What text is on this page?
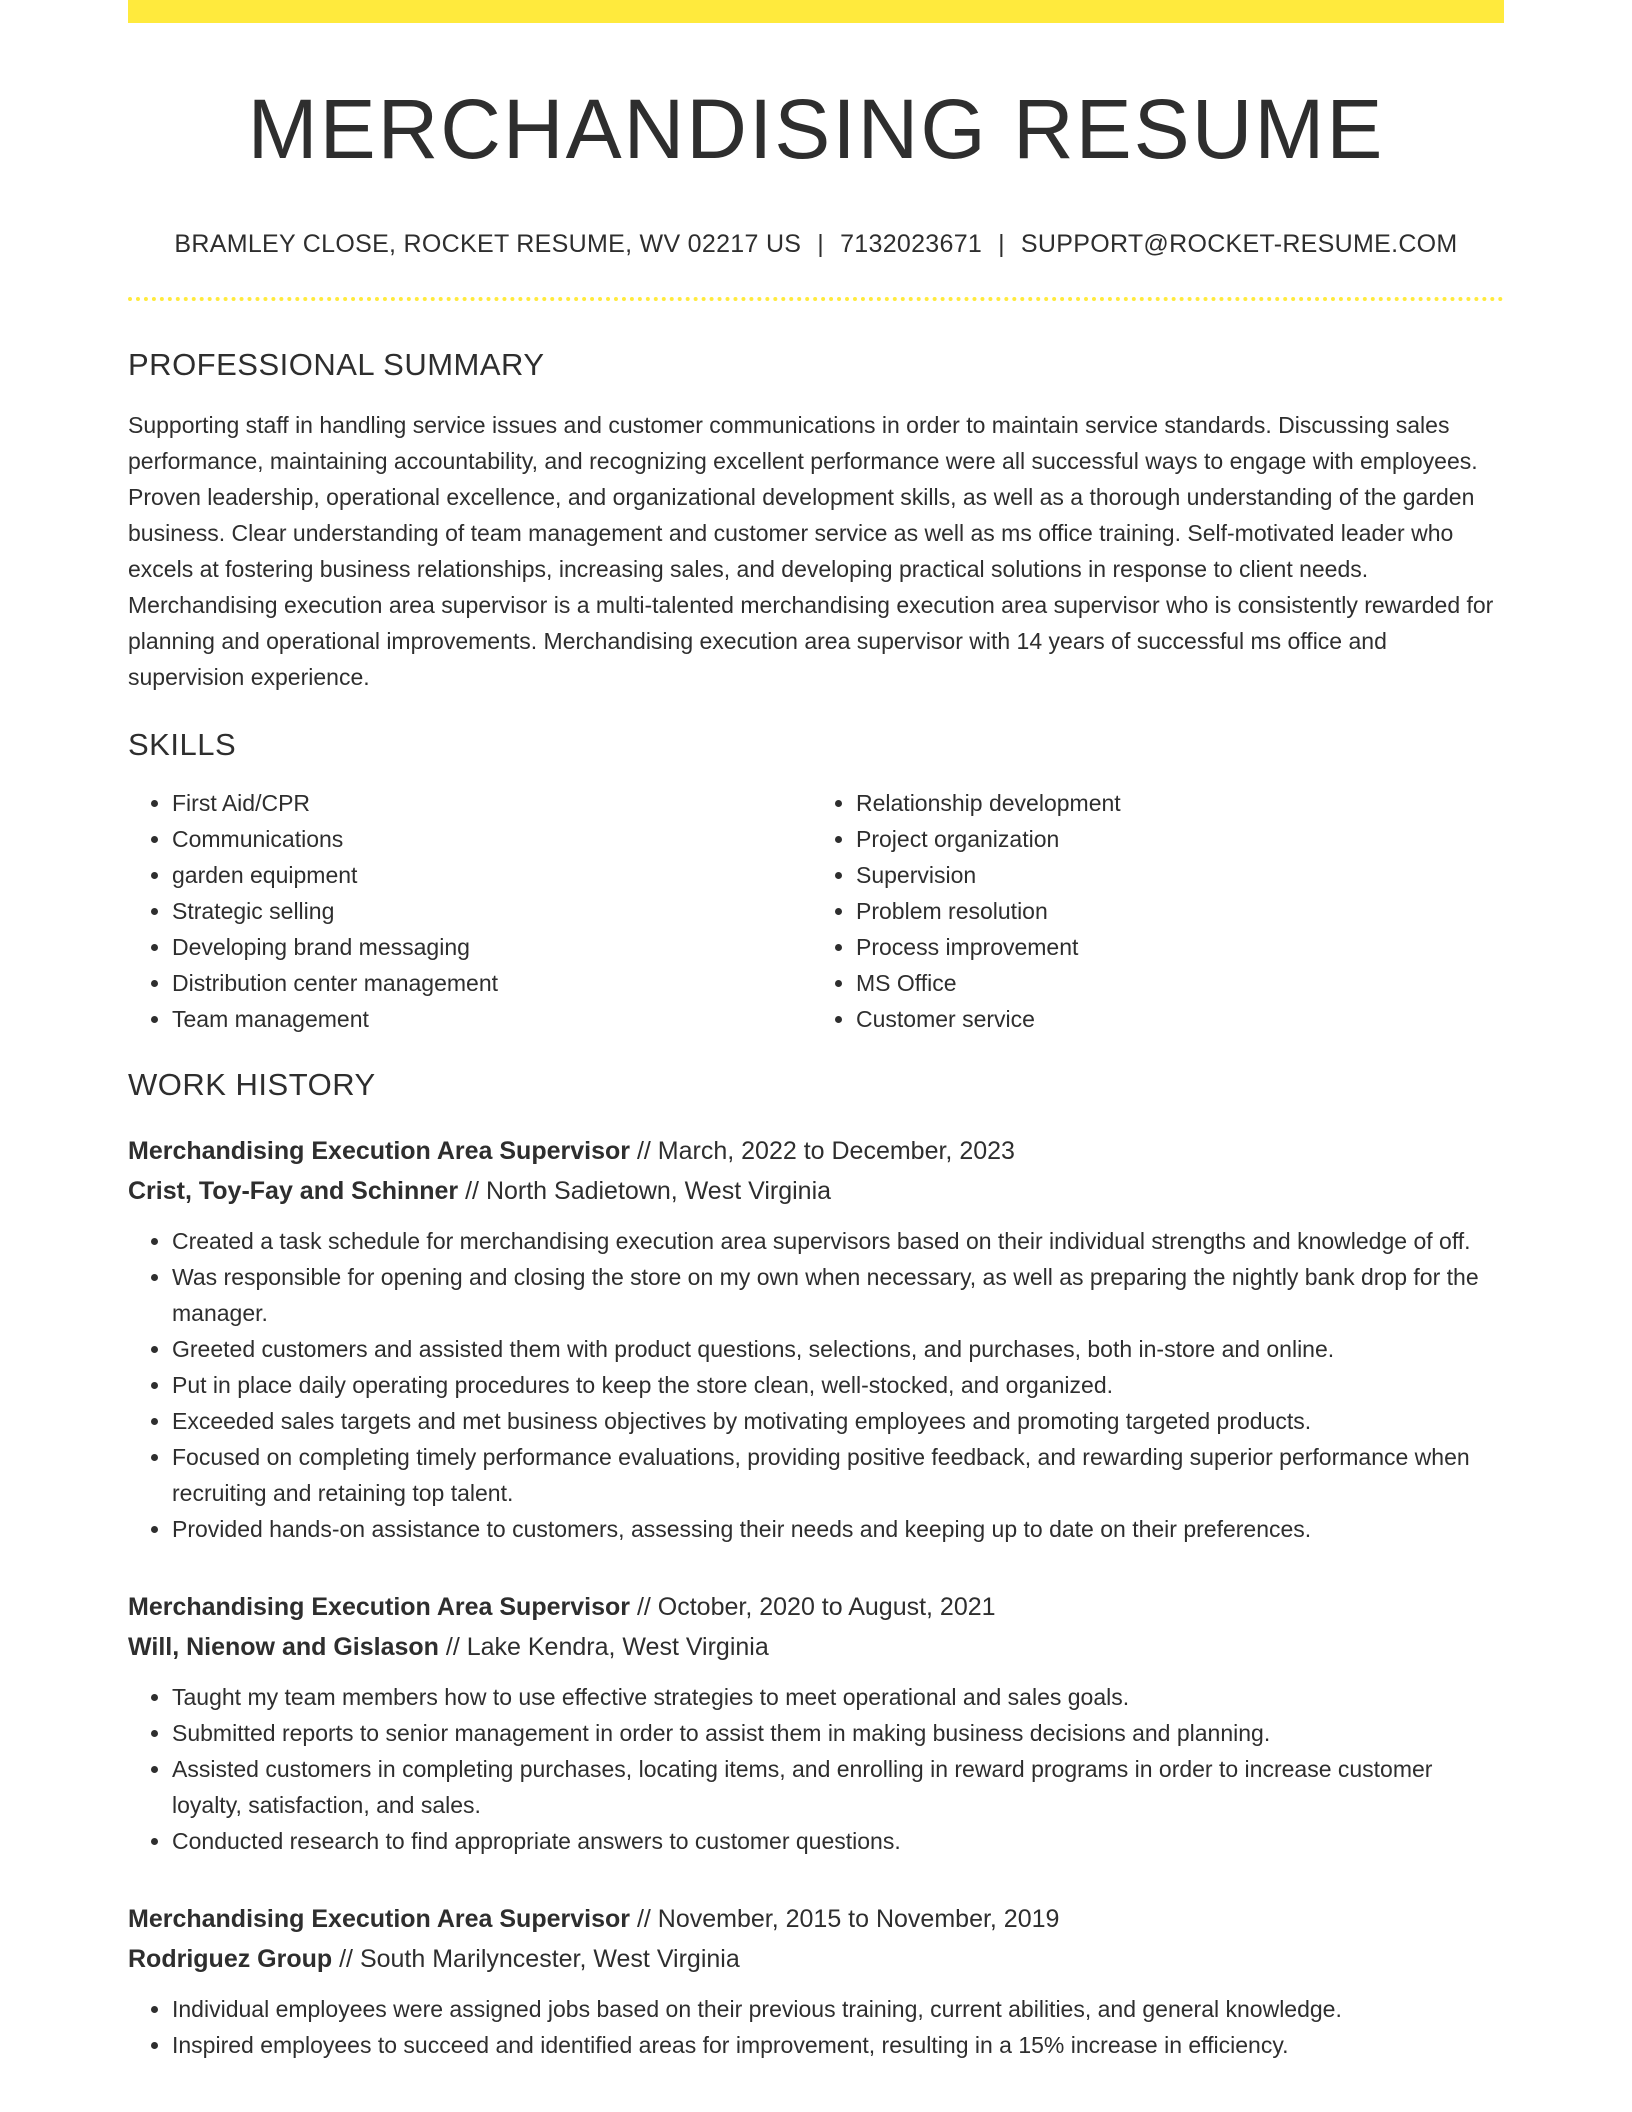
MERCHANDISING RESUME
BRAMLEY CLOSE, ROCKET RESUME, WV 02217 US | 7132023671 | SUPPORT@ROCKET-RESUME.COM
PROFESSIONAL SUMMARY
Supporting staff in handling service issues and customer communications in order to maintain service standards. Discussing sales performance, maintaining accountability, and recognizing excellent performance were all successful ways to engage with employees. Proven leadership, operational excellence, and organizational development skills, as well as a thorough understanding of the garden business. Clear understanding of team management and customer service as well as ms office training. Self-motivated leader who excels at fostering business relationships, increasing sales, and developing practical solutions in response to client needs. Merchandising execution area supervisor is a multi-talented merchandising execution area supervisor who is consistently rewarded for planning and operational improvements. Merchandising execution area supervisor with 14 years of successful ms office and supervision experience.
SKILLS
• First Aid/CPR
• Communications
• garden equipment
• Strategic selling
• Developing brand messaging
• Distribution center management
• Team management
• Relationship development
• Project organization
• Supervision
• Problem resolution
• Process improvement
• MS Office
• Customer service
WORK HISTORY
Merchandising Execution Area Supervisor // March, 2022 to December, 2023
Crist, Toy-Fay and Schinner // North Sadietown, West Virginia
• Created a task schedule for merchandising execution area supervisors based on their individual strengths and knowledge of off.
• Was responsible for opening and closing the store on my own when necessary, as well as preparing the nightly bank drop for the manager.
• Greeted customers and assisted them with product questions, selections, and purchases, both in-store and online.
• Put in place daily operating procedures to keep the store clean, well-stocked, and organized.
• Exceeded sales targets and met business objectives by motivating employees and promoting targeted products.
• Focused on completing timely performance evaluations, providing positive feedback, and rewarding superior performance when recruiting and retaining top talent.
• Provided hands-on assistance to customers, assessing their needs and keeping up to date on their preferences.
Merchandising Execution Area Supervisor // October, 2020 to August, 2021
Will, Nienow and Gislason // Lake Kendra, West Virginia
• Taught my team members how to use effective strategies to meet operational and sales goals.
• Submitted reports to senior management in order to assist them in making business decisions and planning.
• Assisted customers in completing purchases, locating items, and enrolling in reward programs in order to increase customer loyalty, satisfaction, and sales.
• Conducted research to find appropriate answers to customer questions.
Merchandising Execution Area Supervisor // November, 2015 to November, 2019
Rodriguez Group // South Marilyncester, West Virginia
• Individual employees were assigned jobs based on their previous training, current abilities, and general knowledge.
• Inspired employees to succeed and identified areas for improvement, resulting in a 15% increase in efficiency.
